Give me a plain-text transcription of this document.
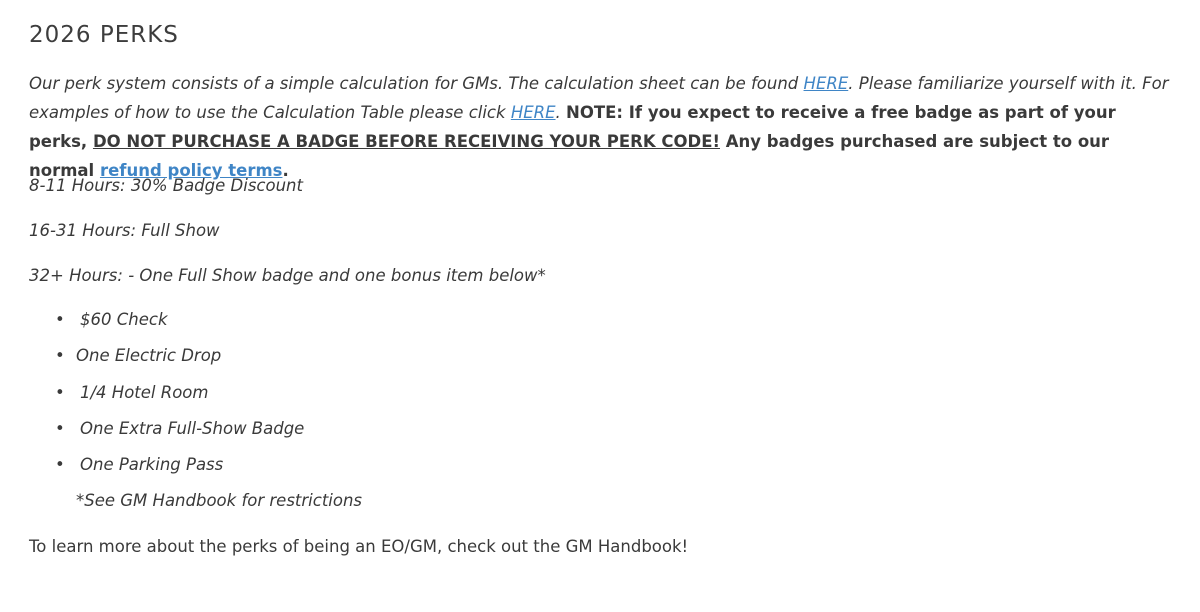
2026 PERKS

Our perk system consists of a simple calculation for GMs. The calculation sheet can be found HERE. Please familiarize yourself with it. For examples of how to use the Calculation Table please click HERE. NOTE: If you expect to receive a free badge as part of your perks, DO NOT PURCHASE A BADGE BEFORE RECEIVING YOUR PERK CODE! Any badges purchased are subject to our normal refund policy terms.

8-11 Hours: 30% Badge Discount

16-31 Hours: Full Show

32+ Hours: - One Full Show badge and one bonus item below*

• $60 Check
• One Electric Drop
• 1/4 Hotel Room
• One Extra Full-Show Badge
• One Parking Pass

*See GM Handbook for restrictions

To learn more about the perks of being an EO/GM, check out the GM Handbook!
